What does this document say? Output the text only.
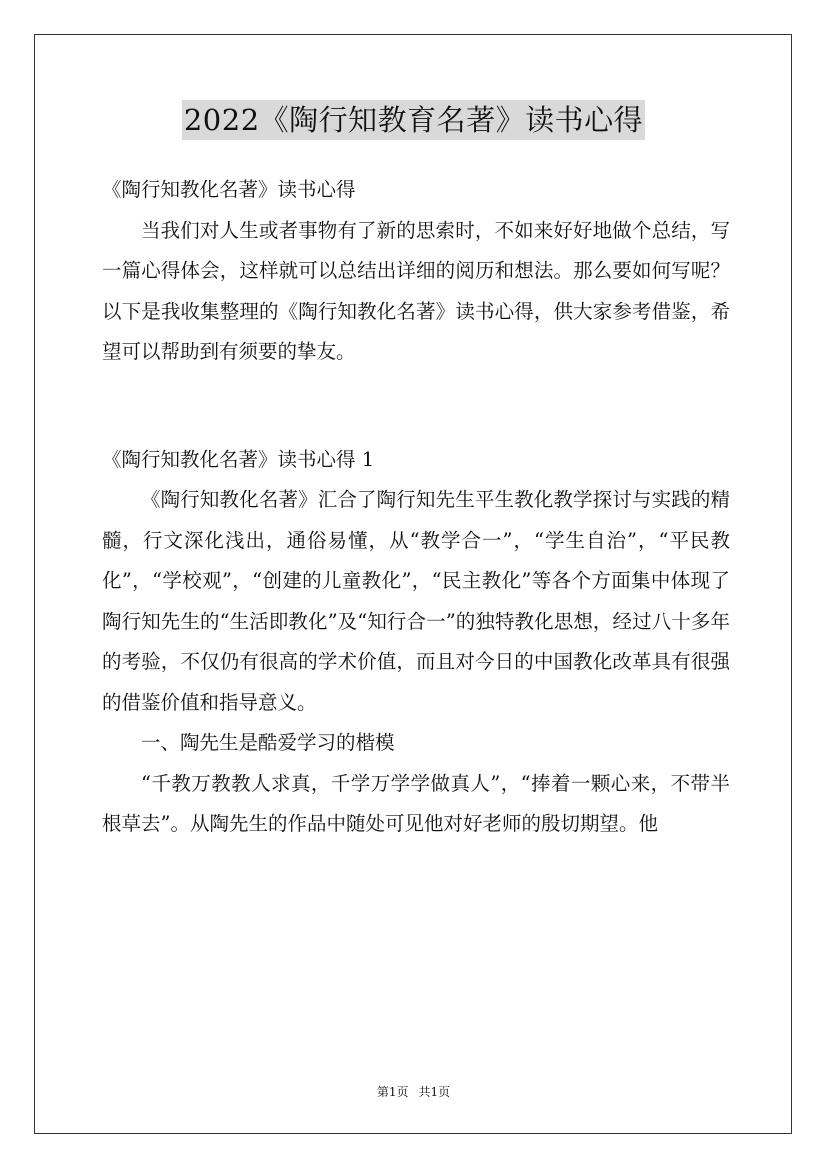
2022《陶行知教育名著》读书心得

《陶行知教化名著》读书心得

当我们对人生或者事物有了新的思索时，不如来好好地做个总结，写一篇心得体会，这样就可以总结出详细的阅历和想法。那么要如何写呢？以下是我收集整理的《陶行知教化名著》读书心得，供大家参考借鉴，希望可以帮助到有须要的挚友。

《陶行知教化名著》读书心得 1

《陶行知教化名著》汇合了陶行知先生平生教化教学探讨与实践的精髓，行文深化浅出，通俗易懂，从“教学合一”，“学生自治”，“平民教化”，“学校观”，“创建的儿童教化”，“民主教化”等各个方面集中体现了陶行知先生的“生活即教化”及“知行合一”的独特教化思想，经过八十多年的考验，不仅仍有很高的学术价值，而且对今日的中国教化改革具有很强的借鉴价值和指导意义。

一、陶先生是酷爱学习的楷模

“千教万教教人求真，千学万学学做真人”，“捧着一颗心来，不带半根草去”。从陶先生的作品中随处可见他对好老师的殷切期望。他

第1页 共1页
